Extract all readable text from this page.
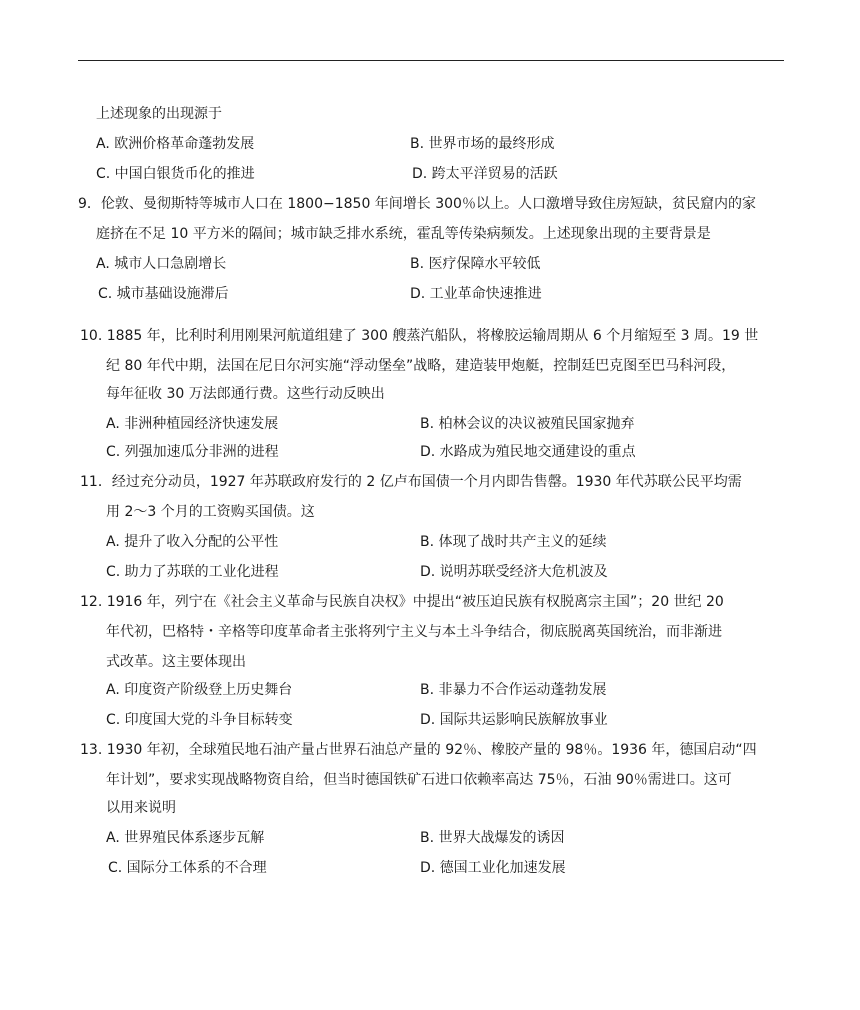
上述现象的出现源于
A. 欧洲价格革命蓬勃发展	B. 世界市场的最终形成
C. 中国白银货币化的推进	D. 跨太平洋贸易的活跃
9．伦敦、曼彻斯特等城市人口在 1800−1850 年间增长 300％以上。人口激增导致住房短缺，贫民窟内的家
庭挤在不足 10 平方米的隔间；城市缺乏排水系统，霍乱等传染病频发。上述现象出现的主要背景是
A. 城市人口急剧增长	B. 医疗保障水平较低
C. 城市基础设施滞后	D. 工业革命快速推进
10. 1885 年，比利时利用刚果河航道组建了 300 艘蒸汽船队，将橡胶运输周期从 6 个月缩短至 3 周。19 世
纪 80 年代中期，法国在尼日尔河实施“浮动堡垒”战略，建造装甲炮艇，控制廷巴克图至巴马科河段，
每年征收 30 万法郎通行费。这些行动反映出
A. 非洲种植园经济快速发展	B. 柏林会议的决议被殖民国家抛弃
C. 列强加速瓜分非洲的进程	D. 水路成为殖民地交通建设的重点
11．经过充分动员，1927 年苏联政府发行的 2 亿卢布国债一个月内即告售罄。1930 年代苏联公民平均需
用 2～3 个月的工资购买国债。这
A. 提升了收入分配的公平性	B. 体现了战时共产主义的延续
C. 助力了苏联的工业化进程	D. 说明苏联受经济大危机波及
12. 1916 年，列宁在《社会主义革命与民族自决权》中提出“被压迫民族有权脱离宗主国”；20 世纪 20
年代初，巴格特・辛格等印度革命者主张将列宁主义与本土斗争结合，彻底脱离英国统治，而非渐进
式改革。这主要体现出
A. 印度资产阶级登上历史舞台	B. 非暴力不合作运动蓬勃发展
C. 印度国大党的斗争目标转变	D. 国际共运影响民族解放事业
13. 1930 年初，全球殖民地石油产量占世界石油总产量的 92％、橡胶产量的 98％。1936 年，德国启动“四
年计划”，要求实现战略物资自给，但当时德国铁矿石进口依赖率高达 75％，石油 90％需进口。这可
以用来说明
A. 世界殖民体系逐步瓦解	B. 世界大战爆发的诱因
C. 国际分工体系的不合理	D. 德国工业化加速发展
